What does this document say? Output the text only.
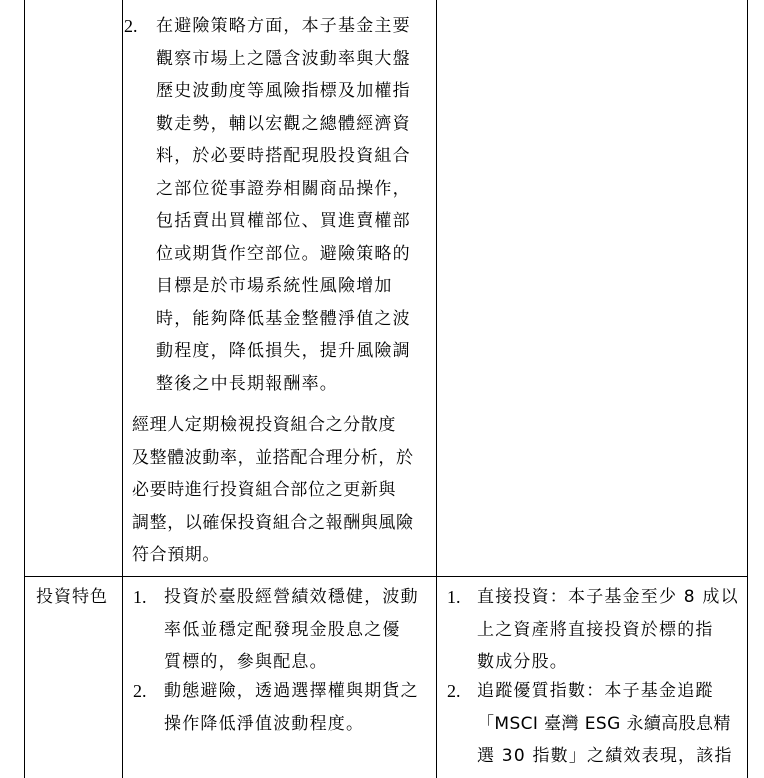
2. 在避險策略方面，本子基金主要
觀察市場上之隱含波動率與大盤
歷史波動度等風險指標及加權指
數走勢，輔以宏觀之總體經濟資
料，於必要時搭配現股投資組合
之部位從事證券相關商品操作，
包括賣出買權部位、買進賣權部
位或期貨作空部位。避險策略的
目標是於市場系統性風險增加
時，能夠降低基金整體淨值之波
動程度，降低損失，提升風險調
整後之中長期報酬率。
經理人定期檢視投資組合之分散度
及整體波動率，並搭配合理分析，於
必要時進行投資組合部位之更新與
調整，以確保投資組合之報酬與風險
符合預期。
投資特色 1. 投資於臺股經營績效穩健，波動
率低並穩定配發現金股息之優
質標的，參與配息。
2. 動態避險，透過選擇權與期貨之
操作降低淨值波動程度。
1. 直接投資：本子基金至少 8 成以
上之資產將直接投資於標的指
數成分股。
2. 追蹤優質指數：本子基金追蹤
「MSCI 臺灣 ESG 永續高股息精
選 30 指數」之績效表現，該指
